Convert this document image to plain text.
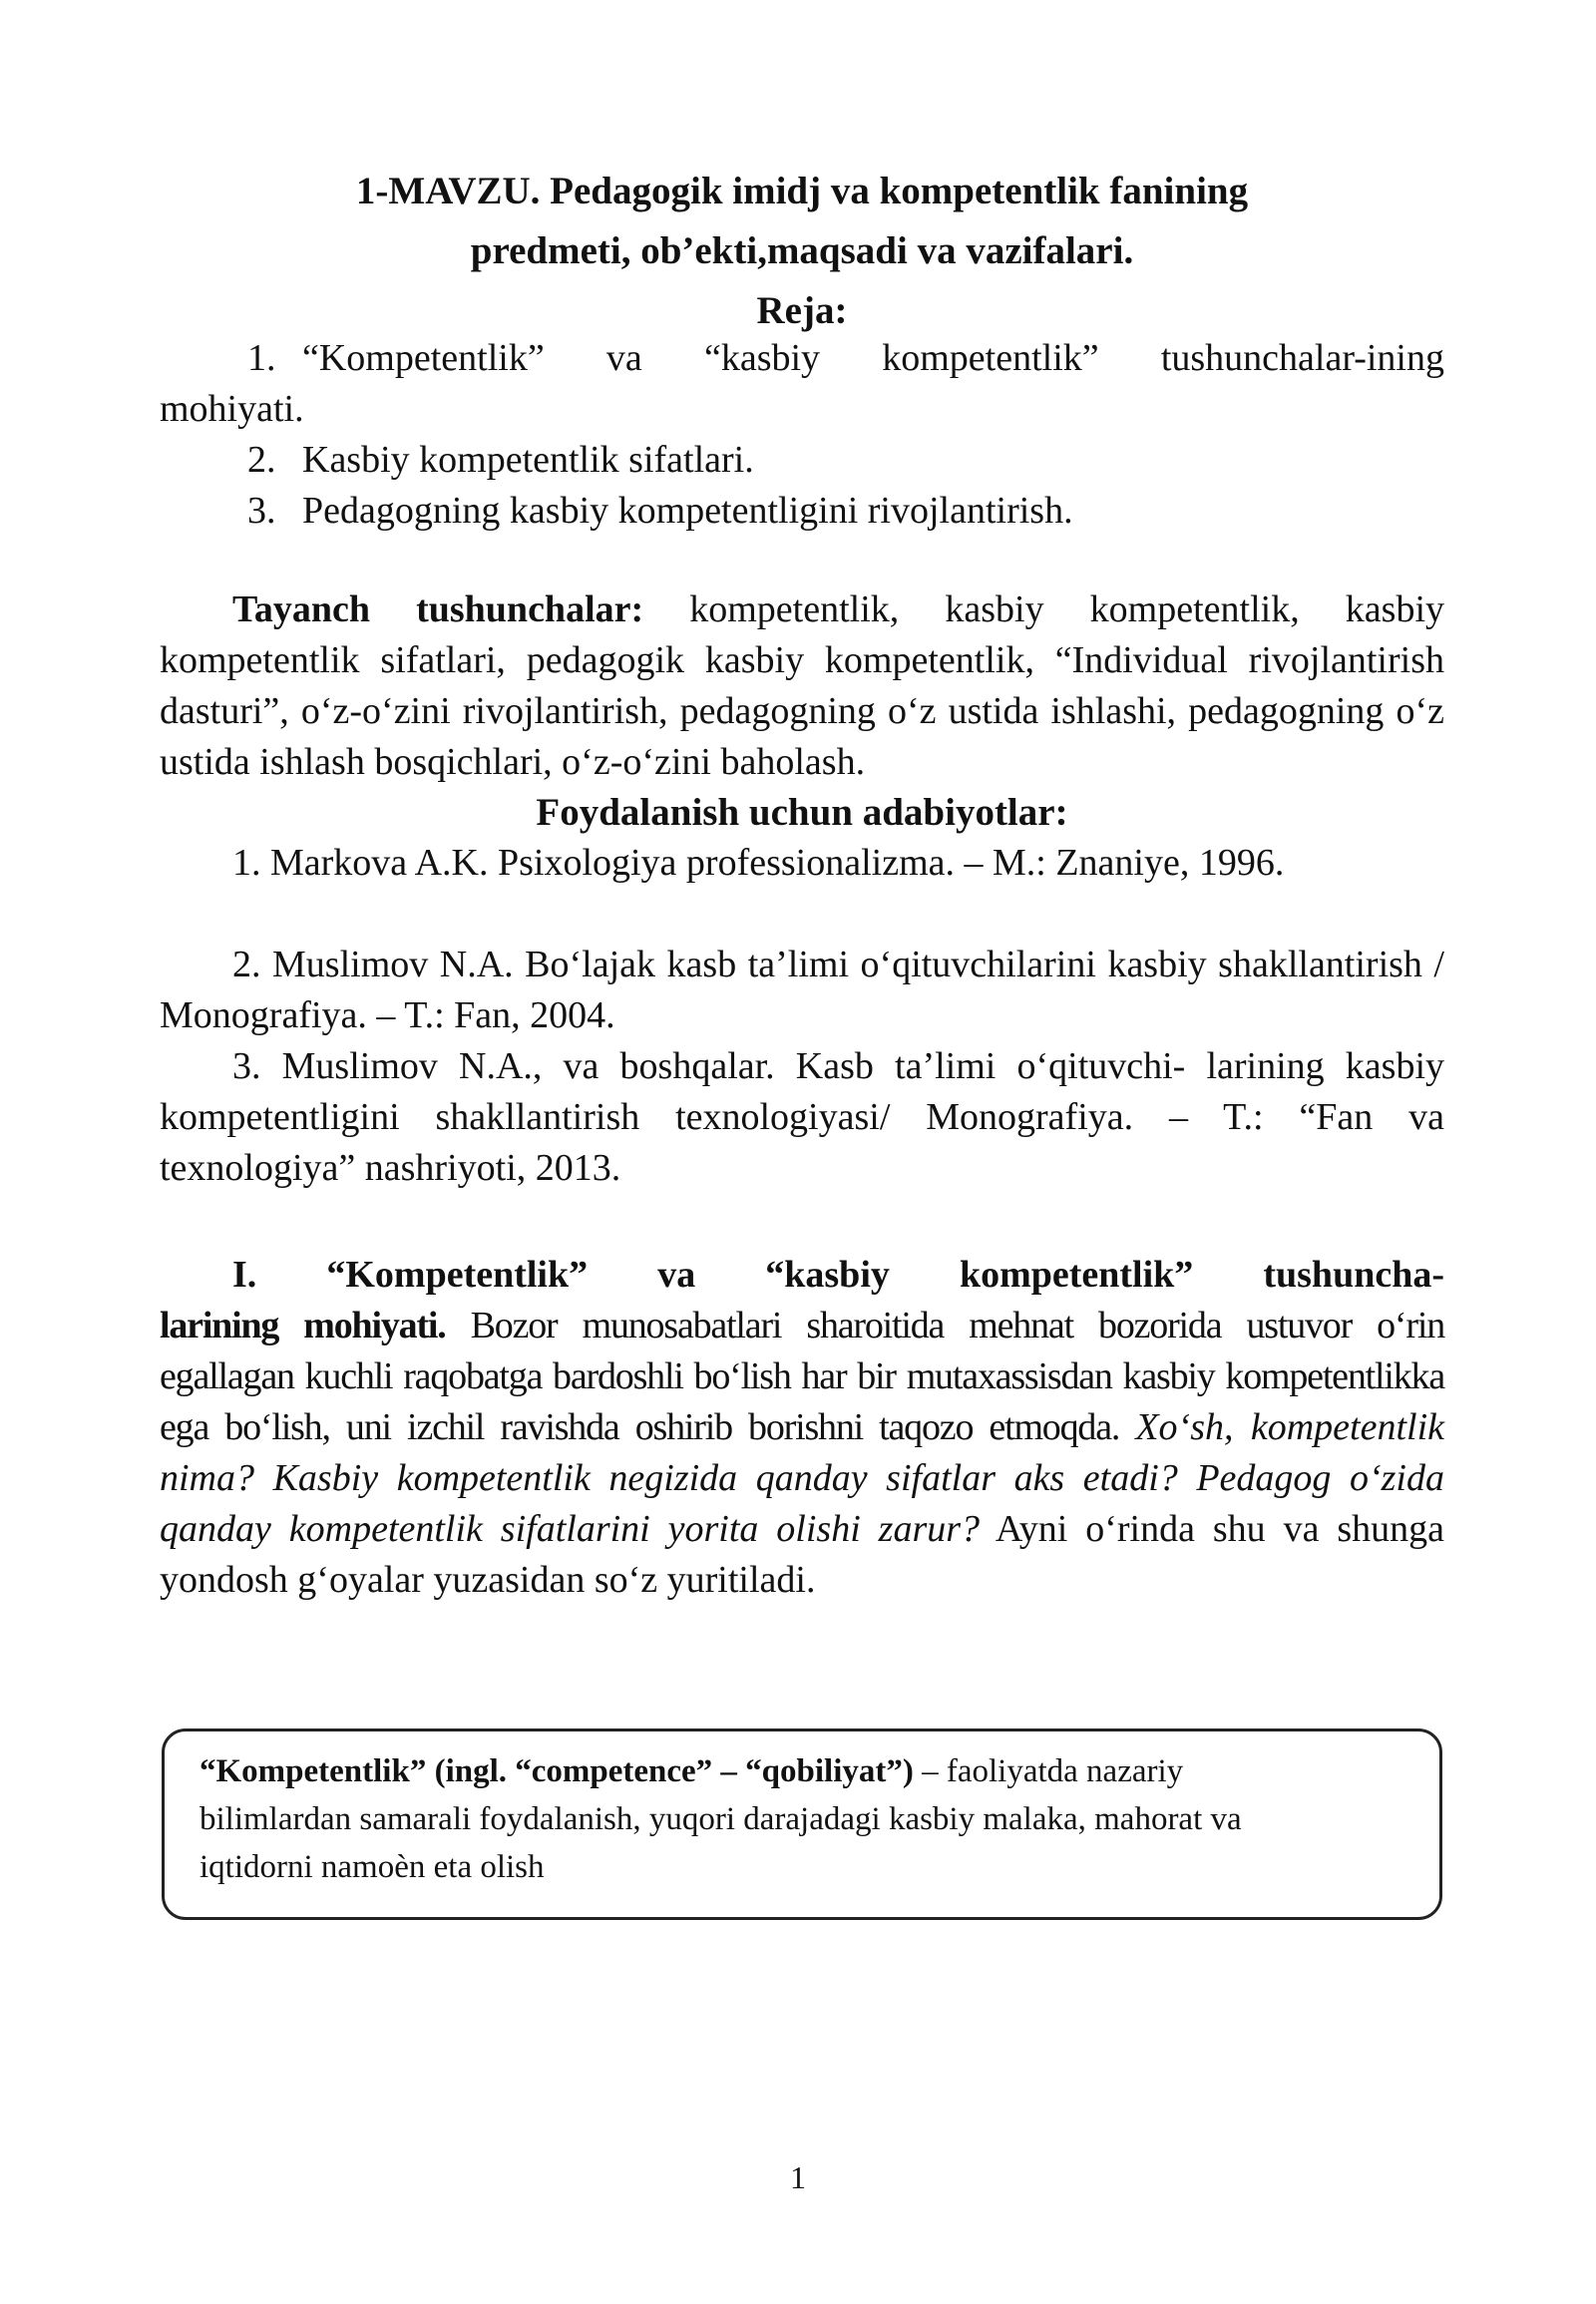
1-MAVZU. Pedagogik imidj va kompetentlik fanining
predmeti, ob’ekti,maqsadi va vazifalari.
Reja:
1. “Kompetentlik” va “kasbiy kompetentlik” tushunchalar-ining
mohiyati.
2. Kasbiy kompetentlik sifatlari.
3. Pedagogning kasbiy kompetentligini rivojlantirish.
Tayanch tushunchalar: kompetentlik, kasbiy kompetentlik, kasbiy kompetentlik sifatlari, pedagogik kasbiy kompetentlik, “Individual rivojlantirish dasturi”, o‘z-o‘zini rivojlantirish, pedagogning o‘z ustida ishlashi, pedagogning o‘z ustida ishlash bosqichlari, o‘z-o‘zini baholash.
Foydalanish uchun adabiyotlar:
1. Markova A.K. Psixologiya professionalizma. – M.: Znaniye, 1996.
2. Muslimov N.A. Bo‘lajak kasb ta’limi o‘qituvchilarini kasbiy shakllantirish / Monografiya. – T.: Fan, 2004.
3. Muslimov N.A., va boshqalar. Kasb ta’limi o‘qituvchi- larining kasbiy kompetentligini shakllantirish texnologiyasi/ Monografiya. – T.: “Fan va texnologiya” nashriyoti, 2013.
I. “Kompetentlik” va “kasbiy kompetentlik” tushuncha-
larining mohiyati. Bozor munosabatlari sharoitida mehnat bozorida ustuvor o‘rin egallagan kuchli raqobatga bardoshli bo‘lish har bir mutaxassisdan kasbiy kompetentlikka ega bo‘lish, uni izchil ravishda oshirib borishni taqozo etmoqda. Xo‘sh, kompetentlik nima? Kasbiy kompetentlik negizida qanday sifatlar aks etadi? Pedagog o‘zida qanday kompetentlik sifatlarini yorita olishi zarur? Ayni o‘rinda shu va shunga yondosh g‘oyalar yuzasidan so‘z yuritiladi.
“Kompetentlik” (ingl. “competence” – “qobiliyat”) – faoliyatda nazariy bilimlardan samarali foydalanish, yuqori darajadagi kasbiy malaka, mahorat va iqtidorni namoèn eta olish
1
